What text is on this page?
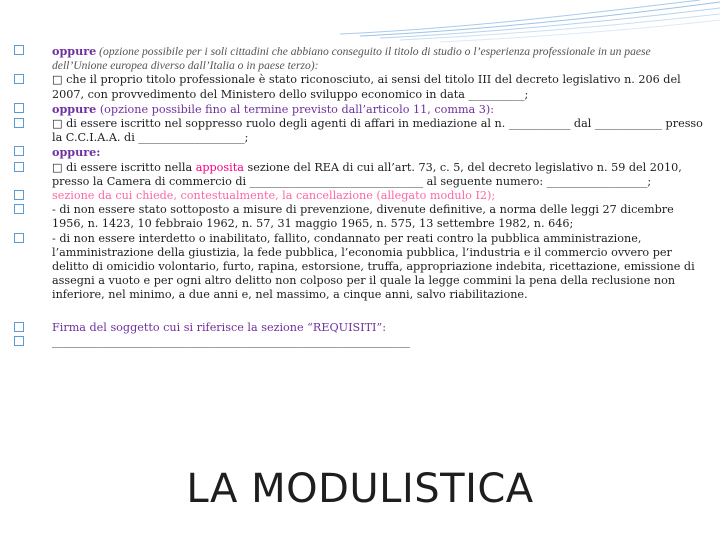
oppure (opzione possibile per i soli cittadini che abbiano conseguito il titolo di studio o l’esperienza professionale in un paese dell’Unione europea diverso dall’Italia o in paese terzo):
□ che il proprio titolo professionale è stato riconosciuto, ai sensi del titolo III del decreto legislativo n. 206 del 2007, con provvedimento del Ministero dello sviluppo economico in data __________;
oppure (opzione possibile fino al termine previsto dall’articolo 11, comma 3):
□ di essere iscritto nel soppresso ruolo degli agenti di affari in mediazione al n. ___________ dal ____________ presso la C.C.I.A.A. di ___________________;
oppure:
□ di essere iscritto nella apposita sezione del REA di cui all’art. 73, c. 5, del decreto legislativo n. 59 del 2010, presso la Camera di commercio di _______________________________ al seguente numero: __________________;
sezione da cui chiede, contestualmente, la cancellazione (allegato modulo I2);
- di non essere stato sottoposto a misure di prevenzione, divenute definitive, a norma delle leggi 27 dicembre 1956, n. 1423, 10 febbraio 1962, n. 57, 31 maggio 1965, n. 575, 13 settembre 1982, n. 646;
- di non essere interdetto o inabilitato, fallito, condannato per reati contro la pubblica amministrazione, l’amministrazione della giustizia, la fede pubblica, l’economia pubblica, l’industria e il commercio ovvero per delitto di omicidio volontario, furto, rapina, estorsione, truffa, appropriazione indebita, ricettazione, emissione di assegni a vuoto e per ogni altro delitto non colposo per il quale la legge commini la pena della reclusione non inferiore, nel minimo, a due anni e, nel massimo, a cinque anni, salvo riabilitazione.
Firma del soggetto cui si riferisce la sezione “REQUISITI”:
________________________________________________________________
LA MODULISTICA
